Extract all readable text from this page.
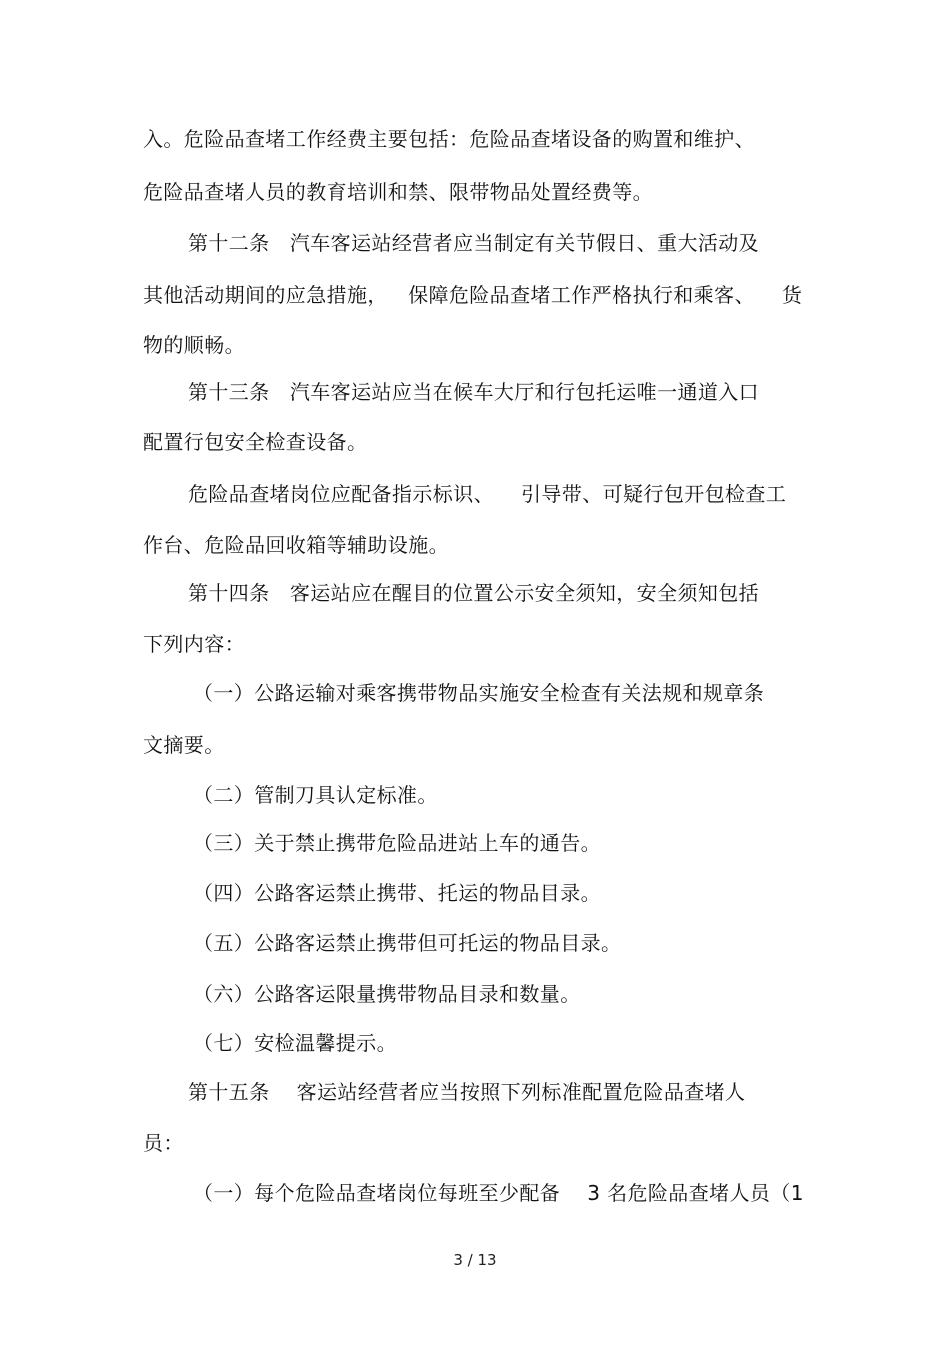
入。危险品查堵工作经费主要包括：危险品查堵设备的购置和维护、
危险品查堵人员的教育培训和禁、限带物品处置经费等。
第十二条   汽车客运站经营者应当制定有关节假日、重大活动及
其他活动期间的应急措施，   保障危险品查堵工作严格执行和乘客、    货
物的顺畅。
第十三条   汽车客运站应当在候车大厅和行包托运唯一通道入口
配置行包安全检查设备。
危险品查堵岗位应配备指示标识、    引导带、可疑行包开包检查工
作台、危险品回收箱等辅助设施。
第十四条   客运站应在醒目的位置公示安全须知，安全须知包括
下列内容：
（一）公路运输对乘客携带物品实施安全检查有关法规和规章条
文摘要。
（二）管制刀具认定标准。
（三）关于禁止携带危险品进站上车的通告。
（四）公路客运禁止携带、托运的物品目录。
（五）公路客运禁止携带但可托运的物品目录。
（六）公路客运限量携带物品目录和数量。
（七）安检温馨提示。
第十五条    客运站经营者应当按照下列标准配置危险品查堵人
员：
（一）每个危险品查堵岗位每班至少配备    3 名危险品查堵人员（1
3 / 13
